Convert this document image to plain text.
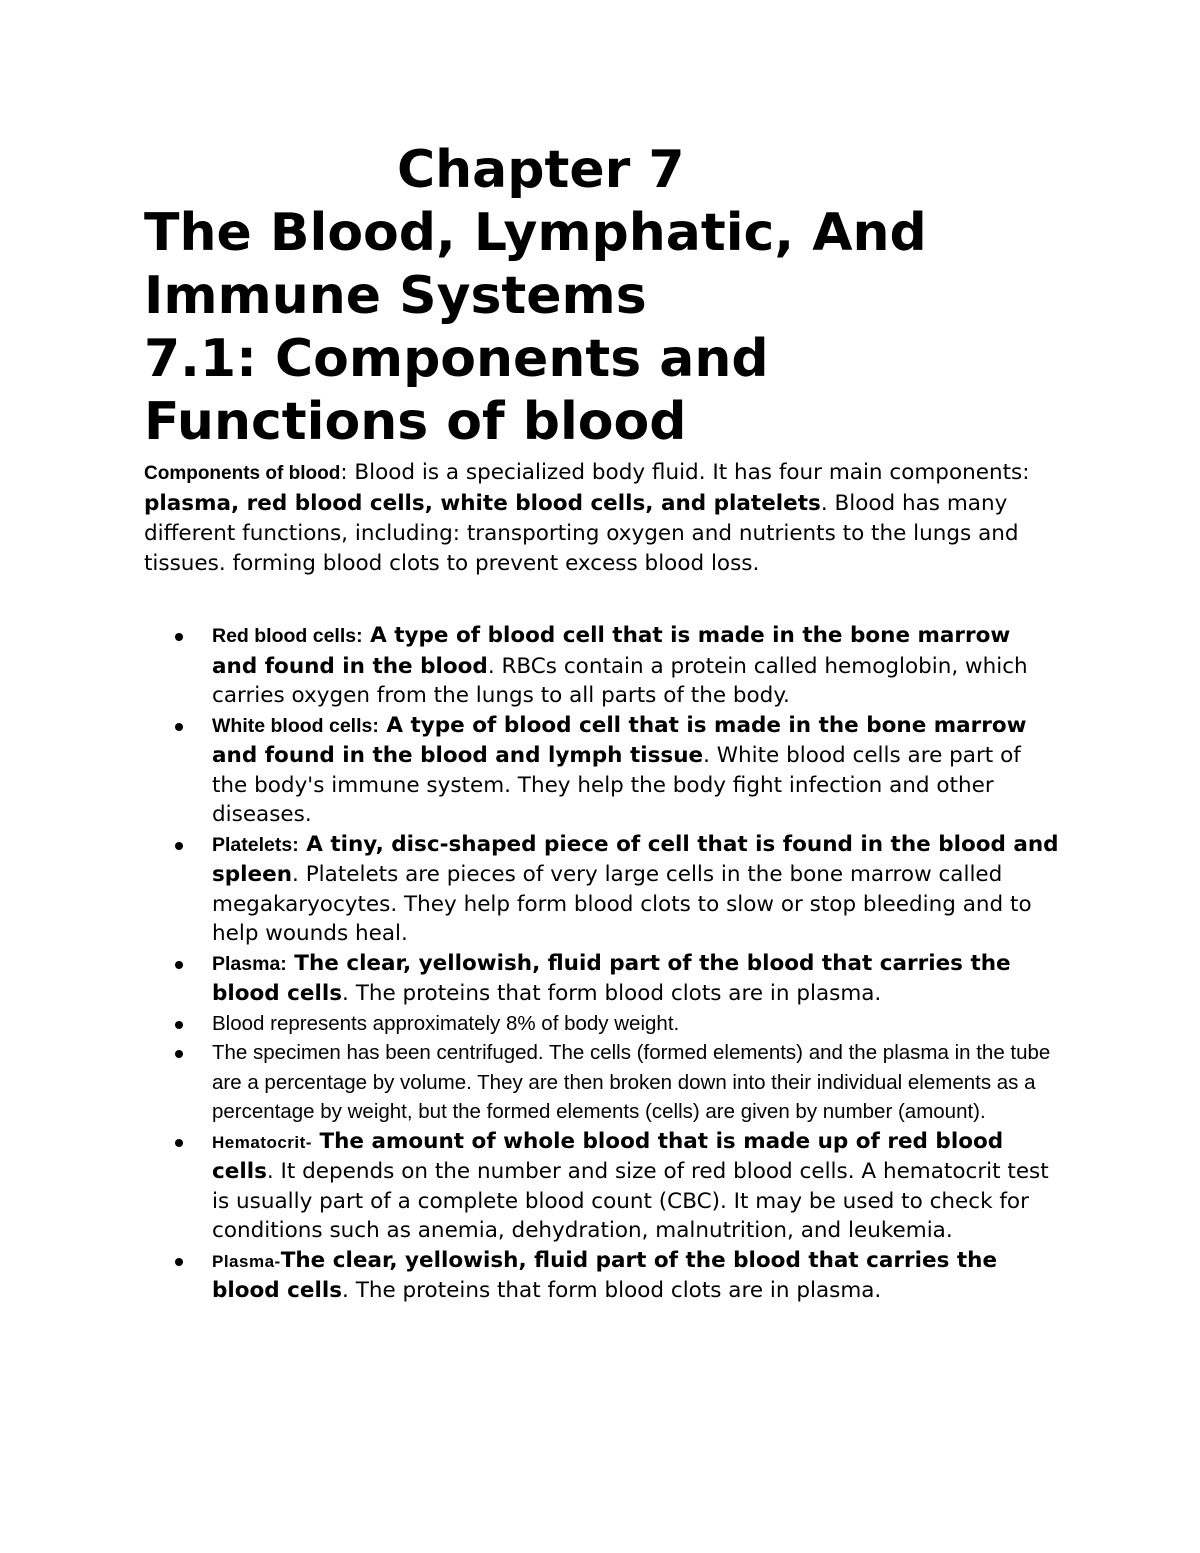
Chapter 7
The Blood, Lymphatic, And
Immune Systems
7.1: Components and
Functions of blood

Components of blood: Blood is a specialized body fluid. It has four main components: plasma, red blood cells, white blood cells, and platelets. Blood has many different functions, including: transporting oxygen and nutrients to the lungs and tissues. forming blood clots to prevent excess blood loss.

Red blood cells: A type of blood cell that is made in the bone marrow and found in the blood. RBCs contain a protein called hemoglobin, which carries oxygen from the lungs to all parts of the body.
White blood cells: A type of blood cell that is made in the bone marrow and found in the blood and lymph tissue. White blood cells are part of the body's immune system. They help the body fight infection and other diseases.
Platelets: A tiny, disc-shaped piece of cell that is found in the blood and spleen. Platelets are pieces of very large cells in the bone marrow called megakaryocytes. They help form blood clots to slow or stop bleeding and to help wounds heal.
Plasma: The clear, yellowish, fluid part of the blood that carries the blood cells. The proteins that form blood clots are in plasma.
Blood represents approximately 8% of body weight.
The specimen has been centrifuged. The cells (formed elements) and the plasma in the tube are a percentage by volume. They are then broken down into their individual elements as a percentage by weight, but the formed elements (cells) are given by number (amount).
Hematocrit- The amount of whole blood that is made up of red blood cells. It depends on the number and size of red blood cells. A hematocrit test is usually part of a complete blood count (CBC). It may be used to check for conditions such as anemia, dehydration, malnutrition, and leukemia.
Plasma-The clear, yellowish, fluid part of the blood that carries the blood cells. The proteins that form blood clots are in plasma.
